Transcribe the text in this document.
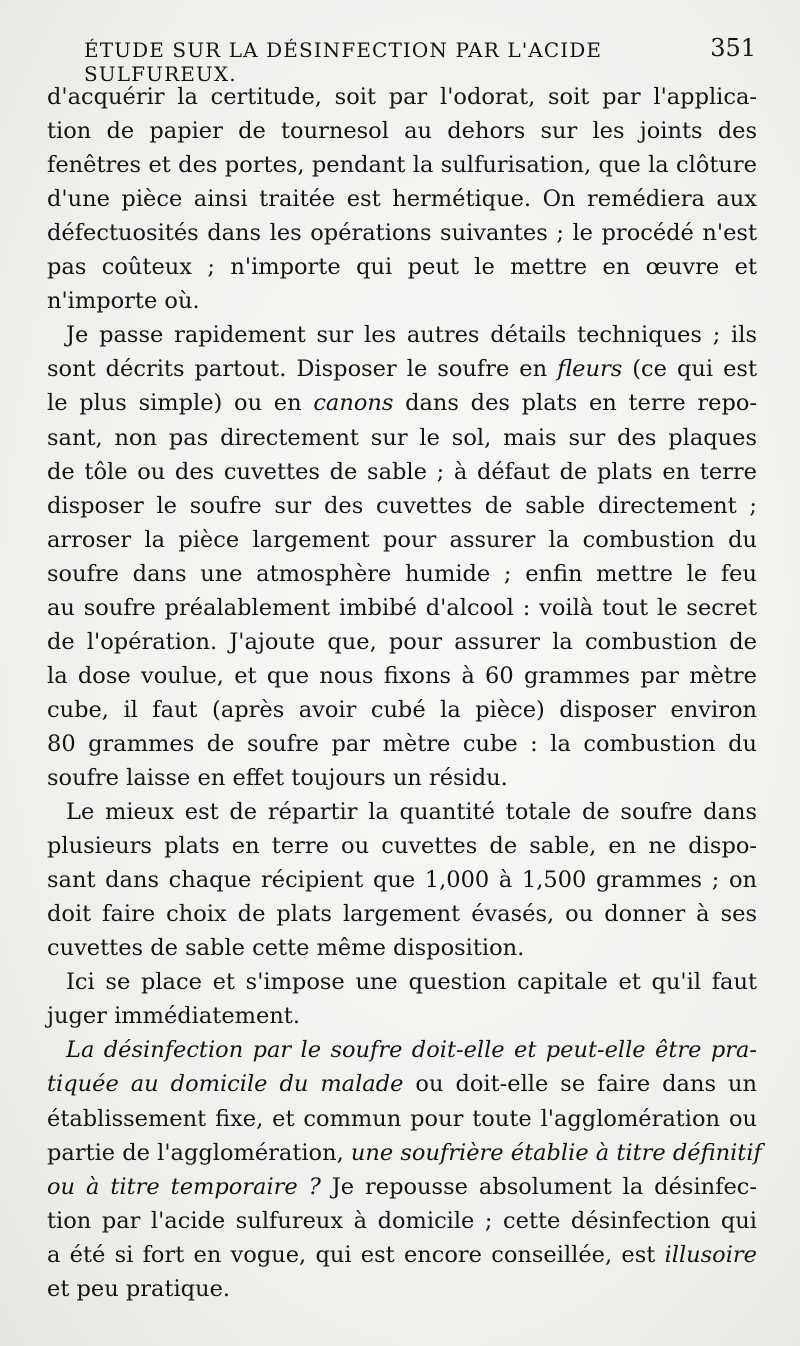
ÉTUDE SUR LA DÉSINFECTION PAR L'ACIDE SULFUREUX.
351
d'acquérir la certitude, soit par l'odorat, soit par l'applica-
tion de papier de tournesol au dehors sur les joints des
fenêtres et des portes, pendant la sulfurisation, que la clôture
d'une pièce ainsi traitée est hermétique. On remédiera aux
défectuosités dans les opérations suivantes ; le procédé n'est
pas coûteux ; n'importe qui peut le mettre en œuvre et
n'importe où.
Je passe rapidement sur les autres détails techniques ; ils
sont décrits partout. Disposer le soufre en fleurs (ce qui est
le plus simple) ou en canons dans des plats en terre repo-
sant, non pas directement sur le sol, mais sur des plaques
de tôle ou des cuvettes de sable ; à défaut de plats en terre
disposer le soufre sur des cuvettes de sable directement ;
arroser la pièce largement pour assurer la combustion du
soufre dans une atmosphère humide ; enfin mettre le feu
au soufre préalablement imbibé d'alcool : voilà tout le secret
de l'opération. J'ajoute que, pour assurer la combustion de
la dose voulue, et que nous fixons à 60 grammes par mètre
cube, il faut (après avoir cubé la pièce) disposer environ
80 grammes de soufre par mètre cube : la combustion du
soufre laisse en effet toujours un résidu.
Le mieux est de répartir la quantité totale de soufre dans
plusieurs plats en terre ou cuvettes de sable, en ne dispo-
sant dans chaque récipient que 1,000 à 1,500 grammes ; on
doit faire choix de plats largement évasés, ou donner à ses
cuvettes de sable cette même disposition.
Ici se place et s'impose une question capitale et qu'il faut
juger immédiatement.
La désinfection par le soufre doit-elle et peut-elle être pra-
tiquée au domicile du malade ou doit-elle se faire dans un
établissement fixe, et commun pour toute l'agglomération ou
partie de l'agglomération, une soufrière établie à titre définitif
ou à titre temporaire ? Je repousse absolument la désinfec-
tion par l'acide sulfureux à domicile ; cette désinfection qui
a été si fort en vogue, qui est encore conseillée, est illusoire
et peu pratique.
